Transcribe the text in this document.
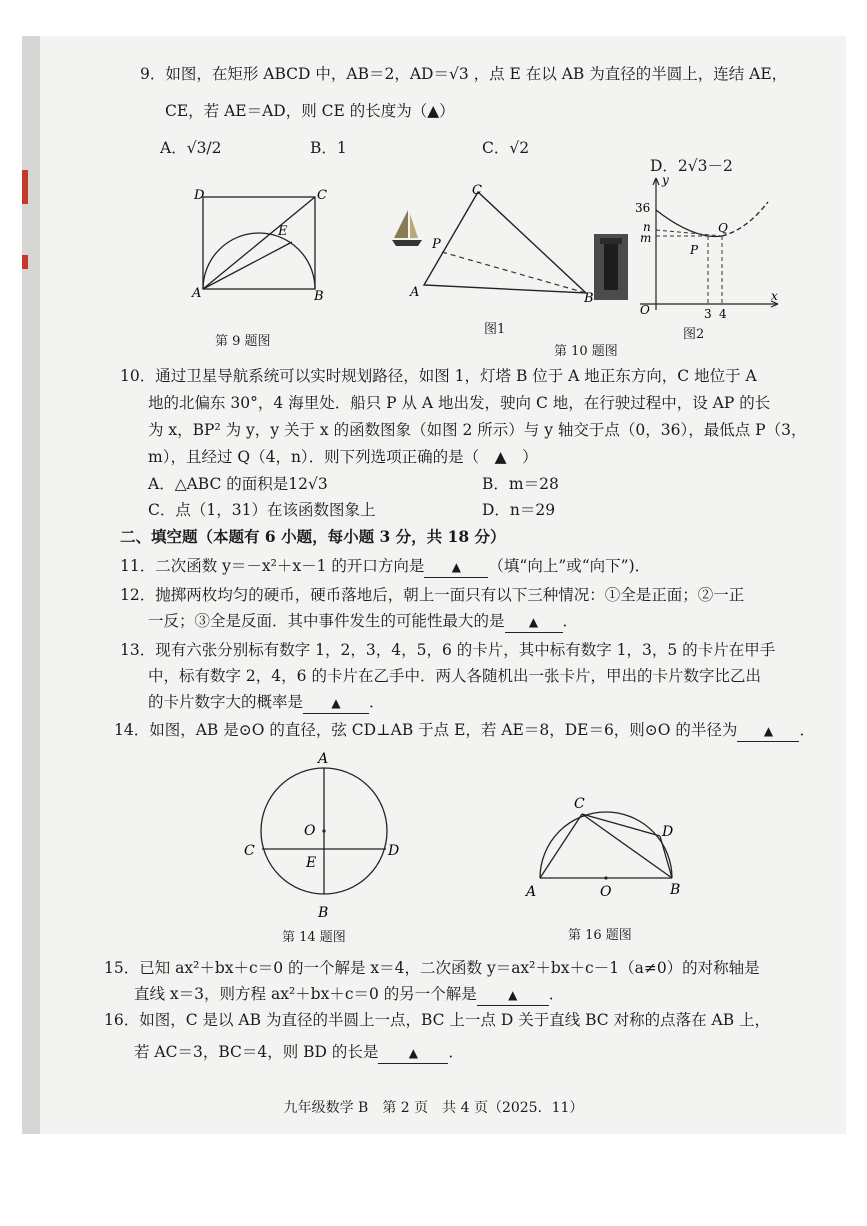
9．如图，在矩形 ABCD 中，AB＝2，AD＝√3 ，点 E 在以 AB 为直径的半圆上，连结 AE，
CE，若 AE＝AD，则 CE 的长度为（▲）
A．√3/2	B．1	C．√2
D．2√3－2
A	B
C
D
E
第 9 题图
C
A	B
P
图1
第 10 题图
y
x
36
n
m
P
Q
O	3 4
图2
10．通过卫星导航系统可以实时规划路径，如图 1，灯塔 B 位于 A 地正东方向，C 地位于 A
地的北偏东 30°，4 海里处．船只 P 从 A 地出发，驶向 C 地，在行驶过程中，设 AP 的长
为 x，BP² 为 y，y 关于 x 的函数图象（如图 2 所示）与 y 轴交于点（0，36），最低点 P（3，
m），且经过 Q（4，n）．则下列选项正确的是（　▲　）
A．△ABC 的面积是12√3	B．m＝28
C．点（1，31）在该函数图象上	D．n＝29
二、填空题（本题有 6 小题，每小题 3 分，共 18 分）
11．二次函数 y＝－x²＋x－1 的开口方向是 ▲ （填“向上”或“向下”)．
12．抛掷两枚均匀的硬币，硬币落地后，朝上一面只有以下三种情况：①全是正面；②一正
一反；③全是反面．其中事件发生的可能性最大的是 ▲ ．
13．现有六张分别标有数字 1，2，3，4，5，6 的卡片，其中标有数字 1，3，5 的卡片在甲手
中，标有数字 2，4，6 的卡片在乙手中．两人各随机出一张卡片，甲出的卡片数字比乙出
的卡片数字大的概率是 ▲ ．
14．如图，AB 是⊙O 的直径，弦 CD⊥AB 于点 E，若 AE＝8，DE＝6，则⊙O 的半径为 ▲ ．
A
B
C	D
O
E
第 14 题图
A	B
C
D
O
第 16 题图
15．已知 ax²＋bx＋c＝0 的一个解是 x＝4，二次函数 y＝ax²＋bx＋c－1（a≠0）的对称轴是
直线 x＝3，则方程 ax²＋bx＋c＝0 的另一个解是	▲ ．
16．如图，C 是以 AB 为直径的半圆上一点，BC 上一点 D 关于直线 BC 对称的点落在 AB 上，
若 AC＝3，BC＝4，则 BD 的长是	▲ ．
九年级数学 B　第 2 页　共 4 页（2025．11）
